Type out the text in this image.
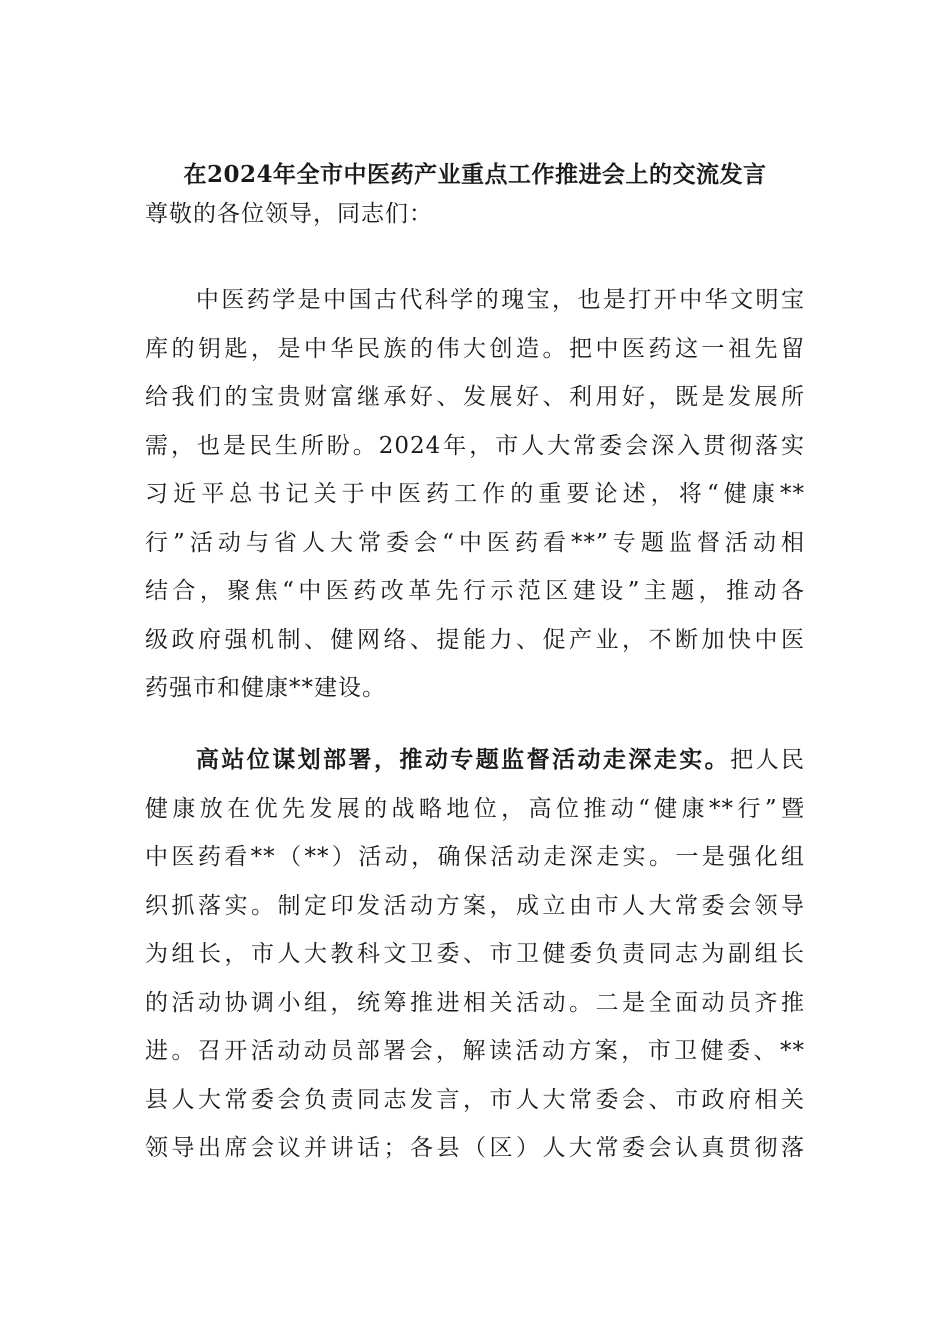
在2024年全市中医药产业重点工作推进会上的交流发言
尊敬的各位领导，同志们：
　　中医药学是中国古代科学的瑰宝，也是打开中华文明宝
库的钥匙，是中华民族的伟大创造。把中医药这一祖先留
给我们的宝贵财富继承好、发展好、利用好，既是发展所
需，也是民生所盼。2024年，市人大常委会深入贯彻落实
习近平总书记关于中医药工作的重要论述，将“健康**
行”活动与省人大常委会“中医药看**”专题监督活动相
结合，聚焦“中医药改革先行示范区建设”主题，推动各
级政府强机制、健网络、提能力、促产业，不断加快中医
药强市和健康**建设。
　　高站位谋划部署，推动专题监督活动走深走实。把人民
健康放在优先发展的战略地位，高位推动“健康**行”暨
中医药看**（**）活动，确保活动走深走实。一是强化组
织抓落实。制定印发活动方案，成立由市人大常委会领导
为组长，市人大教科文卫委、市卫健委负责同志为副组长
的活动协调小组，统筹推进相关活动。二是全面动员齐推
进。召开活动动员部署会，解读活动方案，市卫健委、**
县人大常委会负责同志发言，市人大常委会、市政府相关
领导出席会议并讲话；各县（区）人大常委会认真贯彻落
